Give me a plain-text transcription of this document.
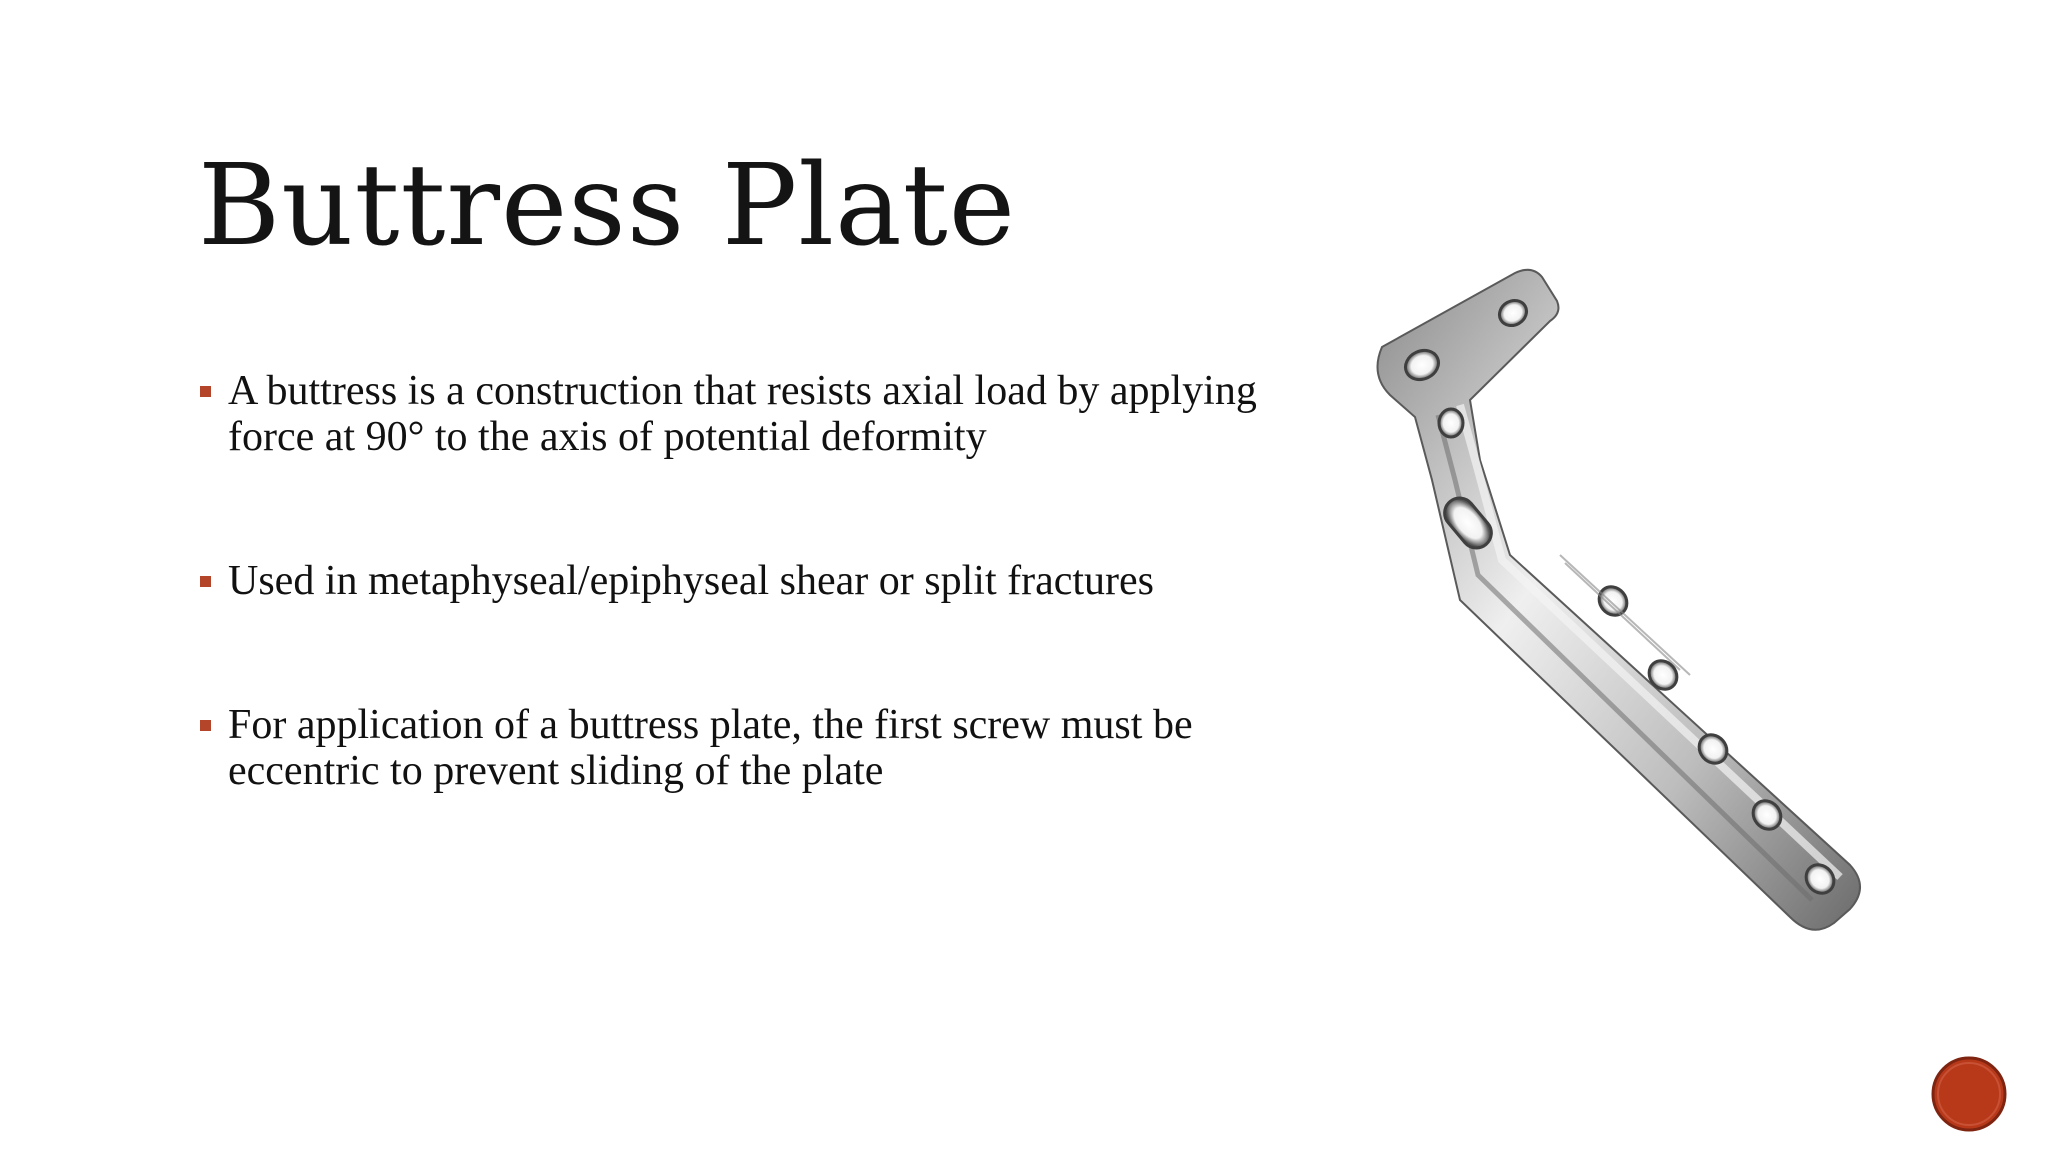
Buttress Plate
A buttress is a construction that resists axial load by applying force at 90° to the axis of potential deformity
Used in metaphyseal/epiphyseal shear or split fractures
For application of a buttress plate, the first screw must be eccentric to prevent sliding of the plate
